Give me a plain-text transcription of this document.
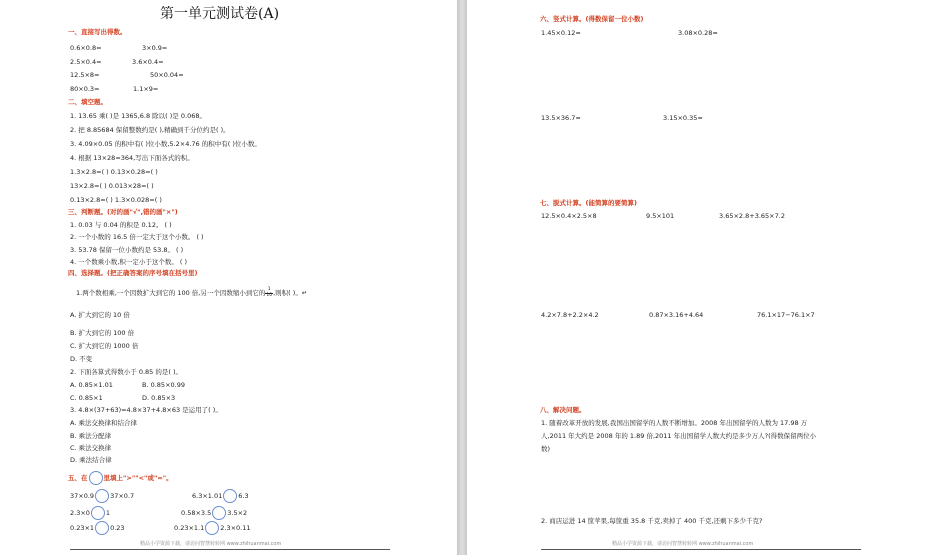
第一单元测试卷(A)
一、直接写出得数。
0.6×0.8=	3×0.9=
2.5×0.4=	3.6×0.4=
12.5×8=	50×0.04=
80×0.3=	1.1×9=
二、填空题。
1. 13.65 乘( )是 1365,6.8 除以( )是 0.068。
2. 把 8.85684 保留整数约是( ),精确到千分位约是( )。
3. 4.09×0.05 的积中有( )位小数,5.2×4.76 的积中有( )位小数。
4. 根据 13×28=364,写出下面各式的积。
1.3×2.8=( ) 0.13×0.28=( )
13×2.8=( ) 0.013×28=( )
0.13×2.8=( ) 1.3×0.028=( )
三、判断题。(对的画"√",错的画"×")
1. 0.03 与 0.04 的积是 0.12。 ( )
2. 一个小数的 16.5 倍一定大于这个小数。 ( )
3. 53.78 保留一位小数约是 53.8。 ( )
4. 一个数乘小数,积一定小于这个数。 ( )
四、选择题。(把正确答案的序号填在括号里)
1.两个数相乘,一个因数扩大到它的 100 倍,另一个因数缩小到它的 $\frac{1}{10}$ ,则积( )。↵
A. 扩大到它的 10 倍
B. 扩大到它的 100 倍
C. 扩大到它的 1000 倍
D. 不变
2. 下面各算式得数小于 0.85 的是( )。
A. 0.85×1.01	B. 0.85×0.99
C. 0.85×1	D. 0.85×3
3. 4.8×(37+63)=4.8×37+4.8×63 是运用了( )。
A. 乘法交换律和结合律
B. 乘法分配律
C. 乘法交换律
D. 乘法结合律
五、在 里填上">""<"或"="。
37×0.9 37×0.7	6.3×1.01 6.3
2.3×0 1	0.58×3.5 3.5×2
0.23×1 0.23	0.23×1.1 2.3×0.11
精品小学资源下载，请访问智慧转转网 www.zhihuanmai.com
六、竖式计算。(得数保留一位小数)
1.45×0.12≈	3.08×0.28≈
13.5×36.7≈	3.15×0.35≈
七、脱式计算。(能简算的要简算)
12.5×0.4×2.5×8	9.5×101	3.65×2.8+3.65×7.2
4.2×7.8+2.2×4.2	0.87×3.16+4.64	76.1×17−76.1×7
八、解决问题。
1. 随着改革开放的发展,我国出国留学的人数不断增加。2008 年出国留学的人数为 17.98 万
人,2011 年大约是 2008 年的 1.89 倍,2011 年出国留学人数大约是多少万人?(得数保留两位小
数)
2. 商店运进 14 筐苹果,每筐重 35.8 千克,卖掉了 400 千克,还剩下多少千克?
精品小学资源下载，请访问智慧转转网 www.zhihuanmai.com
